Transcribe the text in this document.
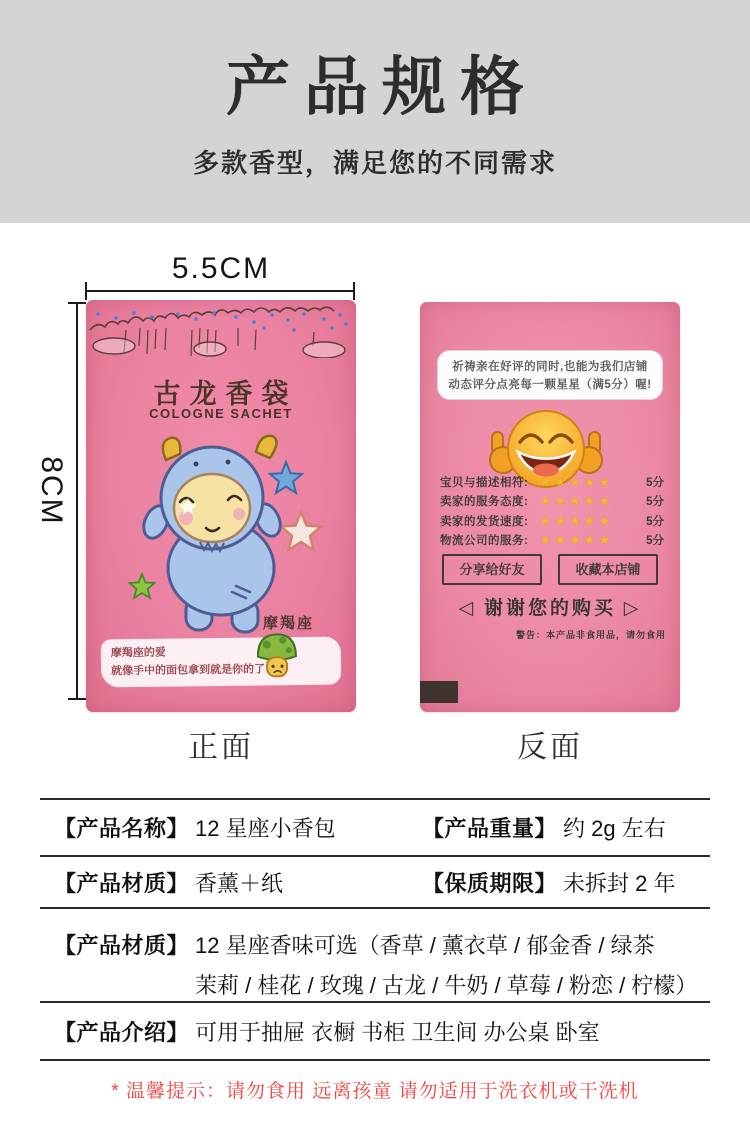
产品规格

多款香型，满足您的不同需求

5.5CM
8CM
古龙香袋
COLOGNE SACHET
摩羯座
摩羯座的爱
就像手中的面包拿到就是你的了
正面
祈祷亲在好评的同时,也能为我们店铺
动态评分点亮每一颗星星（满5分）喔!
宝贝与描述相符: ★★★★★	5分
卖家的服务态度: ★★★★★	5分
卖家的发货速度: ★★★★★	5分
物流公司的服务: ★★★★★	5分
分享给好友	收藏本店铺
◁ 谢谢您的购买 ▷
警告：本产品非食用品，请勿食用
反面
【产品名称】 12 星座小香包	【产品重量】 约 2g 左右
【产品材质】 香薰＋纸	【保质期限】 未拆封 2 年
【产品材质】 12 星座香味可选（香草 / 薰衣草 / 郁金香 / 绿茶
茉莉 / 桂花 / 玫瑰 / 古龙 / 牛奶 / 草莓 / 粉恋 / 柠檬）
【产品介绍】 可用于抽屉 衣橱 书柜 卫生间 办公桌 卧室

* 温馨提示：请勿食用 远离孩童 请勿适用于洗衣机或干洗机
